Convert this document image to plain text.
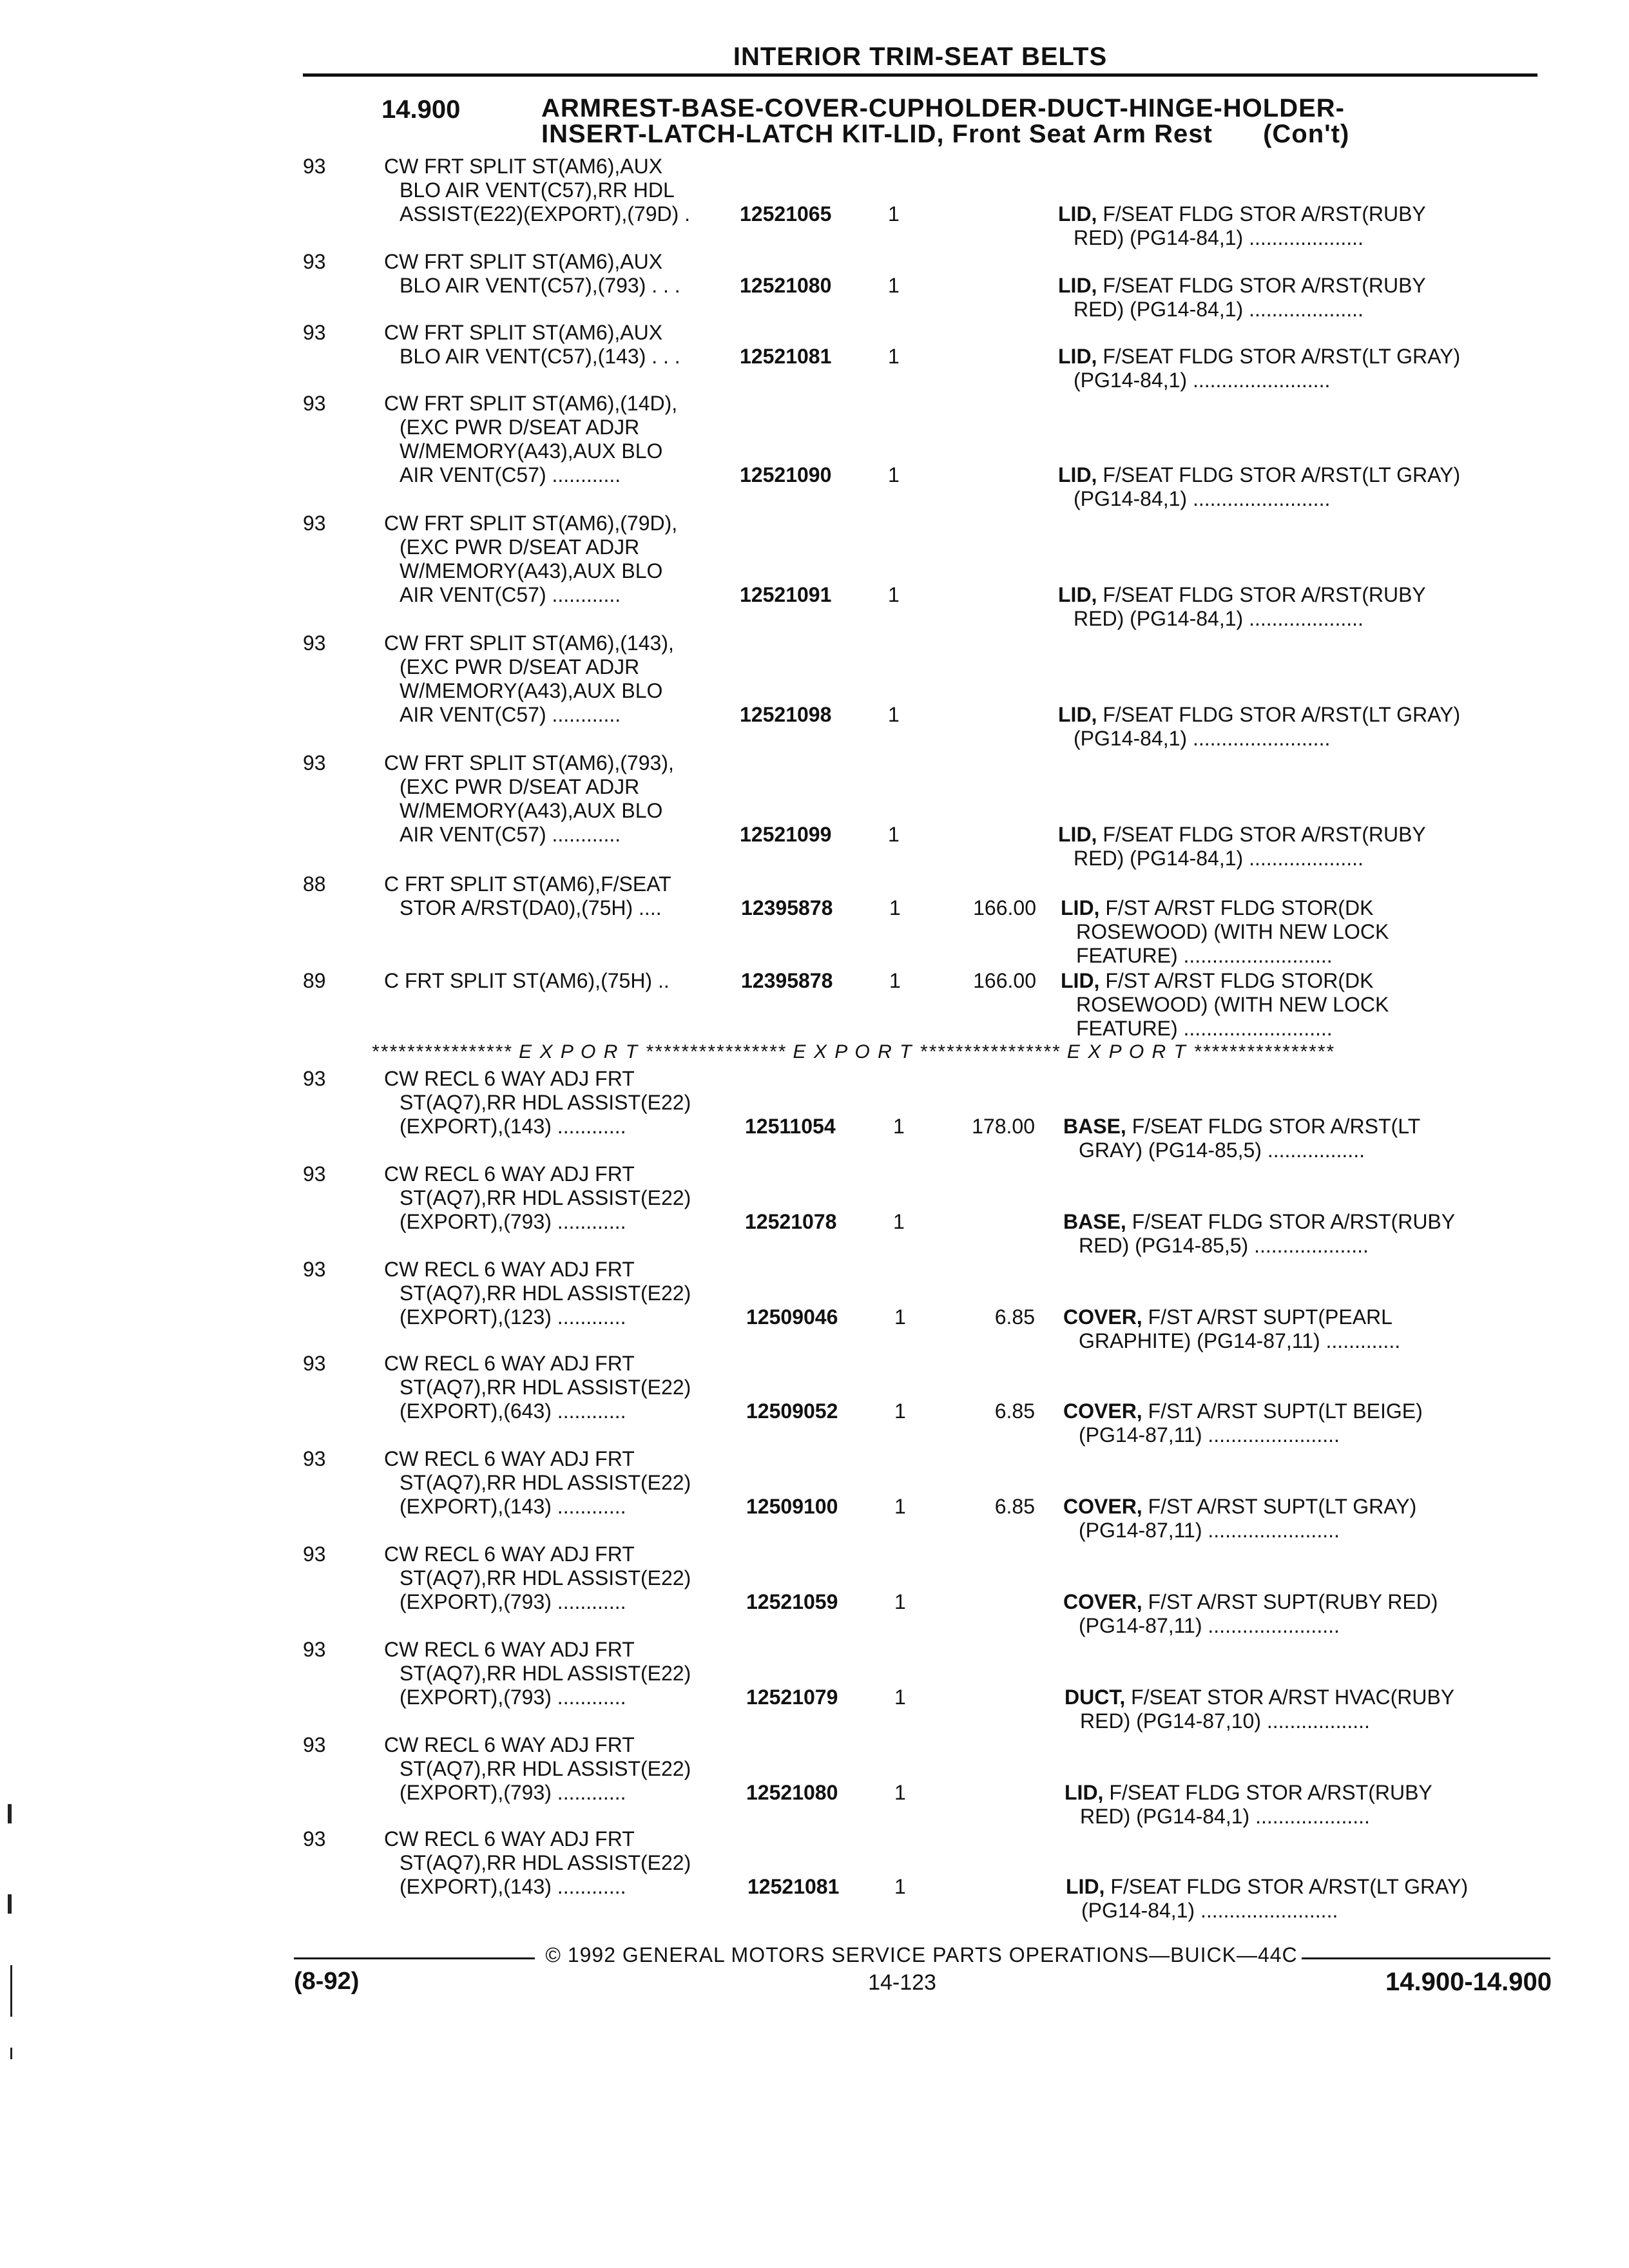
INTERIOR TRIM-SEAT BELTS
14.900	ARMREST-BASE-COVER-CUPHOLDER-DUCT-HINGE-HOLDER-
INSERT-LATCH-LATCH KIT-LID, Front Seat Arm Rest (Con't)
93	CW FRT SPLIT ST(AM6),AUX
BLO AIR VENT(C57),RR HDL
ASSIST(E22)(EXPORT),(79D) .	12521065	1	LID, F/SEAT FLDG STOR A/RST(RUBY
RED) (PG14-84,1) ....................
93	CW FRT SPLIT ST(AM6),AUX
BLO AIR VENT(C57),(793) . . .	12521080	1	LID, F/SEAT FLDG STOR A/RST(RUBY
RED) (PG14-84,1) ....................
93	CW FRT SPLIT ST(AM6),AUX
BLO AIR VENT(C57),(143) . . .	12521081	1	LID, F/SEAT FLDG STOR A/RST(LT GRAY)
(PG14-84,1) ........................
93	CW FRT SPLIT ST(AM6),(14D),
(EXC PWR D/SEAT ADJR
W/MEMORY(A43),AUX BLO
AIR VENT(C57) ............	12521090	1	LID, F/SEAT FLDG STOR A/RST(LT GRAY)
(PG14-84,1) ........................
93	CW FRT SPLIT ST(AM6),(79D),
(EXC PWR D/SEAT ADJR
W/MEMORY(A43),AUX BLO
AIR VENT(C57) ............	12521091	1	LID, F/SEAT FLDG STOR A/RST(RUBY
RED) (PG14-84,1) ....................
93	CW FRT SPLIT ST(AM6),(143),
(EXC PWR D/SEAT ADJR
W/MEMORY(A43),AUX BLO
AIR VENT(C57) ............	12521098	1	LID, F/SEAT FLDG STOR A/RST(LT GRAY)
(PG14-84,1) ........................
93	CW FRT SPLIT ST(AM6),(793),
(EXC PWR D/SEAT ADJR
W/MEMORY(A43),AUX BLO
AIR VENT(C57) ............	12521099	1	LID, F/SEAT FLDG STOR A/RST(RUBY
RED) (PG14-84,1) ....................
88	C FRT SPLIT ST(AM6),F/SEAT
STOR A/RST(DA0),(75H) ....	12395878	1	166.00 LID, F/ST A/RST FLDG STOR(DK
ROSEWOOD) (WITH NEW LOCK
FEATURE) ..........................
89	C FRT SPLIT ST(AM6),(75H) ..	12395878	1	166.00 LID, F/ST A/RST FLDG STOR(DK
ROSEWOOD) (WITH NEW LOCK
FEATURE) ..........................
93	CW RECL 6 WAY ADJ FRT
ST(AQ7),RR HDL ASSIST(E22)
(EXPORT),(143) ............	12511054	1	178.00 BASE, F/SEAT FLDG STOR A/RST(LT
GRAY) (PG14-85,5) .................
93	CW RECL 6 WAY ADJ FRT
ST(AQ7),RR HDL ASSIST(E22)
(EXPORT),(793) ............	12521078	1	BASE, F/SEAT FLDG STOR A/RST(RUBY
RED) (PG14-85,5) ....................
93	CW RECL 6 WAY ADJ FRT
ST(AQ7),RR HDL ASSIST(E22)
(EXPORT),(123) ............	12509046	1	6.85 COVER, F/ST A/RST SUPT(PEARL
GRAPHITE) (PG14-87,11) .............
93	CW RECL 6 WAY ADJ FRT
ST(AQ7),RR HDL ASSIST(E22)
(EXPORT),(643) ............	12509052	1	6.85 COVER, F/ST A/RST SUPT(LT BEIGE)
(PG14-87,11) .......................
93	CW RECL 6 WAY ADJ FRT
ST(AQ7),RR HDL ASSIST(E22)
(EXPORT),(143) ............	12509100	1	6.85 COVER, F/ST A/RST SUPT(LT GRAY)
(PG14-87,11) .......................
93	CW RECL 6 WAY ADJ FRT
ST(AQ7),RR HDL ASSIST(E22)
(EXPORT),(793) ............	12521059	1	COVER, F/ST A/RST SUPT(RUBY RED)
(PG14-87,11) .......................
93	CW RECL 6 WAY ADJ FRT
ST(AQ7),RR HDL ASSIST(E22)
(EXPORT),(793) ............	12521079	1	DUCT, F/SEAT STOR A/RST HVAC(RUBY
RED) (PG14-87,10) ..................
93	CW RECL 6 WAY ADJ FRT
ST(AQ7),RR HDL ASSIST(E22)
(EXPORT),(793) ............	12521080	1	LID, F/SEAT FLDG STOR A/RST(RUBY
RED) (PG14-84,1) ....................
93	CW RECL 6 WAY ADJ FRT
ST(AQ7),RR HDL ASSIST(E22)
(EXPORT),(143) ............	12521081	1	LID, F/SEAT FLDG STOR A/RST(LT GRAY)
(PG14-84,1) ........................
**************** E X P O R T **************** E X P O R T **************** E X P O R T ****************
© 1992 GENERAL MOTORS SERVICE PARTS OPERATIONS—BUICK—44C
(8-92)	14-123	14.900-14.900
